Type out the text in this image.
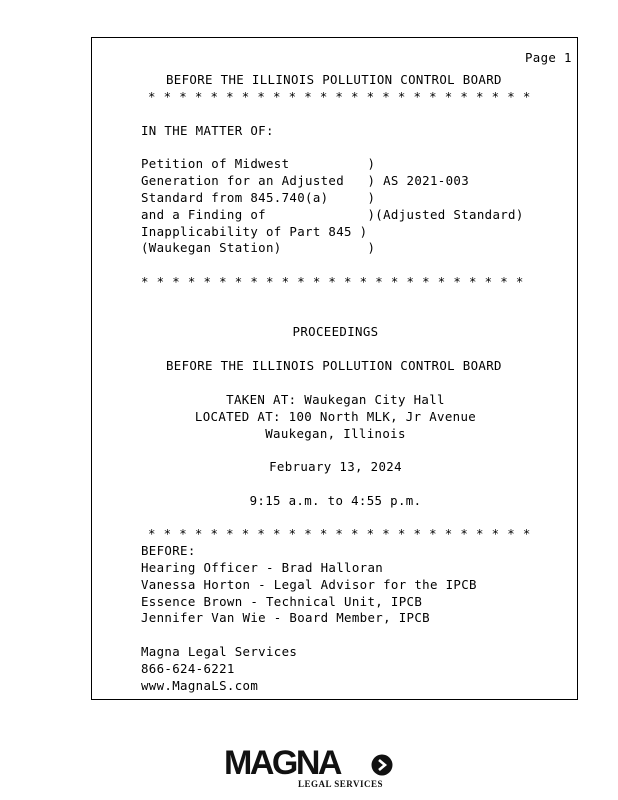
Page 1
BEFORE THE ILLINOIS POLLUTION CONTROL BOARD
* * * * * * * * * * * * * * * * * * * * * * * * *
IN THE MATTER OF:
Petition of Midwest          )
Generation for an Adjusted   ) AS 2021-003
Standard from 845.740(a)     )
and a Finding of             )(Adjusted Standard)
Inapplicability of Part 845 )
(Waukegan Station)           )
* * * * * * * * * * * * * * * * * * * * * * * * *
PROCEEDINGS
BEFORE THE ILLINOIS POLLUTION CONTROL BOARD
TAKEN AT: Waukegan City Hall
LOCATED AT: 100 North MLK, Jr Avenue
Waukegan, Illinois
February 13, 2024
9:15 a.m. to 4:55 p.m.
* * * * * * * * * * * * * * * * * * * * * * * * *
BEFORE:
Hearing Officer - Brad Halloran
Vanessa Horton - Legal Advisor for the IPCB
Essence Brown - Technical Unit, IPCB
Jennifer Van Wie - Board Member, IPCB
Magna Legal Services
866-624-6221
www.MagnaLS.com
MAGNA
LEGAL SERVICES
